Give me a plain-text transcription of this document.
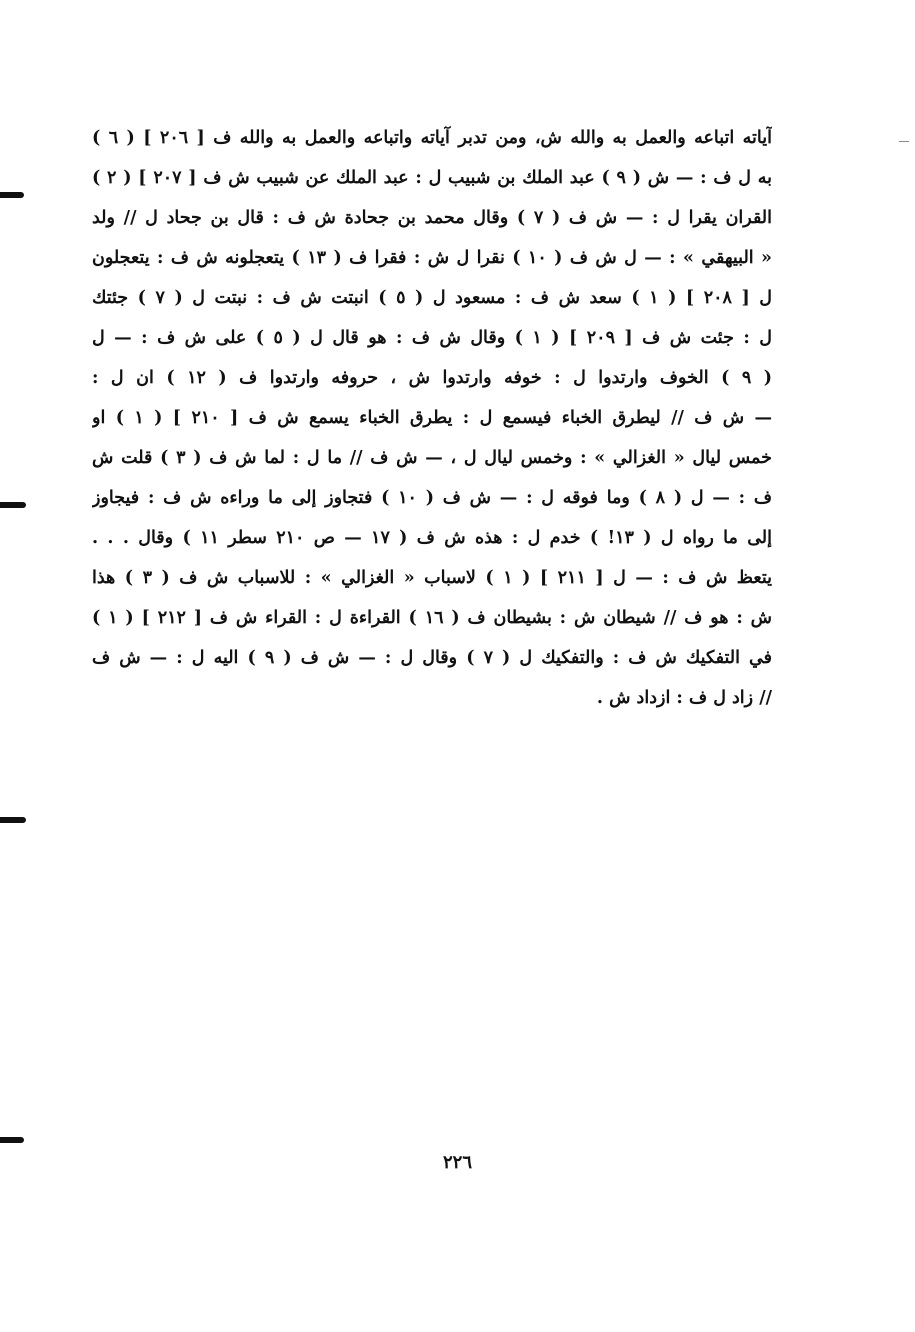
آياته اتباعه والعمل به والله ش، ومن تدبر آياته واتباعه والعمل به والله ف [ ٢٠٦ ] ( ٦ )
به ل ف : — ش ( ٩ ) عبد الملك بن شبيب ل : عبد الملك عن شبيب ش ف [ ٢٠٧ ] ( ٢ )
القران يقرا ل : — ش ف ( ٧ ) وقال محمد بن جحادة ش ف : قال بن جحاد ل // ولد
« البيهقي » : — ل ش ف ( ١٠ ) نقرا ل ش : فقرا ف ( ١٣ ) يتعجلونه ش ف : يتعجلون
ل [ ٢٠٨ ] ( ١ ) سعد ش ف : مسعود ل ( ٥ ) انبتت ش ف : نبتت ل ( ٧ ) جئتك
ل : جئت ش ف [ ٢٠٩ ] ( ١ ) وقال ش ف : هو قال ل ( ٥ ) على ش ف : — ل
( ٩ ) الخوف وارتدوا ل : خوفه وارتدوا ش ، حروفه وارتدوا ف ( ١٢ ) ان ل :
— ش ف // ليطرق الخباء فيسمع ل : يطرق الخباء يسمع ش ف [ ٢١٠ ] ( ١ ) او
خمس ليال « الغزالي » : وخمس ليال ل ، — ش ف // ما ل : لما ش ف ( ٣ ) قلت ش
ف : — ل ( ٨ ) وما فوقه ل : — ش ف ( ١٠ ) فتجاوز إلى ما وراءه ش ف : فيجاوز
إلى ما رواه ل ( ١٣! ) خدم ل : هذه ش ف ( ١٧ — ص ٢١٠ سطر ١١ ) وقال . . .
يتعظ ش ف : — ل [ ٢١١ ] ( ١ ) لاسباب « الغزالي » : للاسباب ش ف ( ٣ ) هذا
ش : هو ف // شيطان ش : بشيطان ف ( ١٦ ) القراءة ل : القراء ش ف [ ٢١٢ ] ( ١ )
في التفكيك ش ف : والتفكيك ل ( ٧ ) وقال ل : — ش ف ( ٩ ) اليه ل : — ش ف
// زاد ل ف : ازداد ش .
٢٢٦
